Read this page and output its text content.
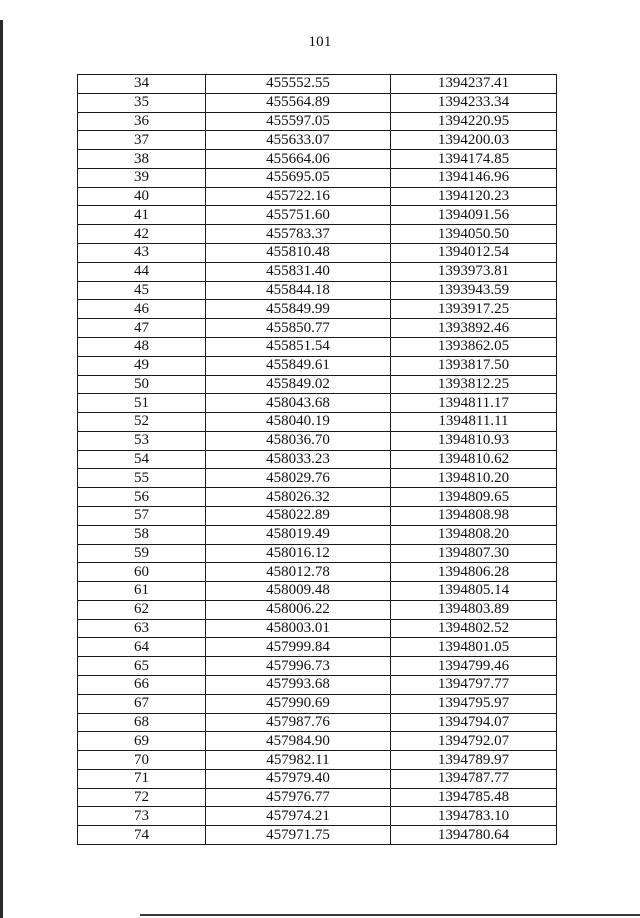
101
34	455552.55	1394237.41
35	455564.89	1394233.34
36	455597.05	1394220.95
37	455633.07	1394200.03
38	455664.06	1394174.85
39	455695.05	1394146.96
40	455722.16	1394120.23
41	455751.60	1394091.56
42	455783.37	1394050.50
43	455810.48	1394012.54
44	455831.40	1393973.81
45	455844.18	1393943.59
46	455849.99	1393917.25
47	455850.77	1393892.46
48	455851.54	1393862.05
49	455849.61	1393817.50
50	455849.02	1393812.25
51	458043.68	1394811.17
52	458040.19	1394811.11
53	458036.70	1394810.93
54	458033.23	1394810.62
55	458029.76	1394810.20
56	458026.32	1394809.65
57	458022.89	1394808.98
58	458019.49	1394808.20
59	458016.12	1394807.30
60	458012.78	1394806.28
61	458009.48	1394805.14
62	458006.22	1394803.89
63	458003.01	1394802.52
64	457999.84	1394801.05
65	457996.73	1394799.46
66	457993.68	1394797.77
67	457990.69	1394795.97
68	457987.76	1394794.07
69	457984.90	1394792.07
70	457982.11	1394789.97
71	457979.40	1394787.77
72	457976.77	1394785.48
73	457974.21	1394783.10
74	457971.75	1394780.64
